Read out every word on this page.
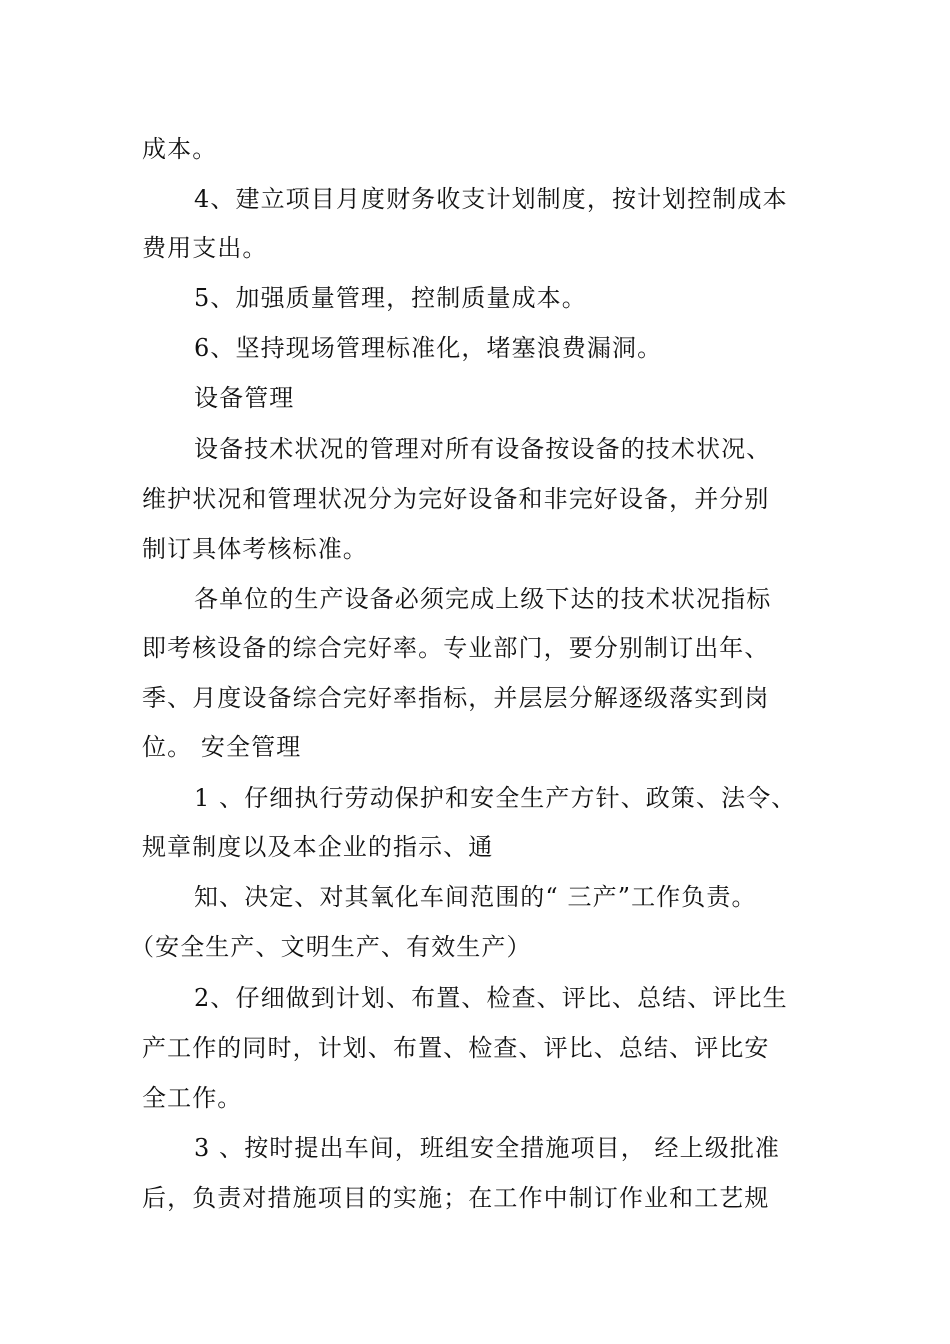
成本。
4、建立项目月度财务收支计划制度，按计划控制成本
费用支出。
5、加强质量管理，控制质量成本。
6、坚持现场管理标准化，堵塞浪费漏洞。
设备管理
设备技术状况的管理对所有设备按设备的技术状况、
维护状况和管理状况分为完好设备和非完好设备，并分别
制订具体考核标准。
各单位的生产设备必须完成上级下达的技术状况指标
即考核设备的综合完好率。专业部门，要分别制订出年、
季、月度设备综合完好率指标，并层层分解逐级落实到岗
位。 安全管理
1 、仔细执行劳动保护和安全生产方针、政策、法令、
规章制度以及本企业的指示、通
知、决定、对其氧化车间范围的“ 三产”工作负责。
（安全生产、文明生产、有效生产）
2、仔细做到计划、布置、检查、评比、总结、评比生
产工作的同时，计划、布置、检查、评比、总结、评比安
全工作。
3 、按时提出车间，班组安全措施项目， 经上级批准
后，负责对措施项目的实施；在工作中制订作业和工艺规
